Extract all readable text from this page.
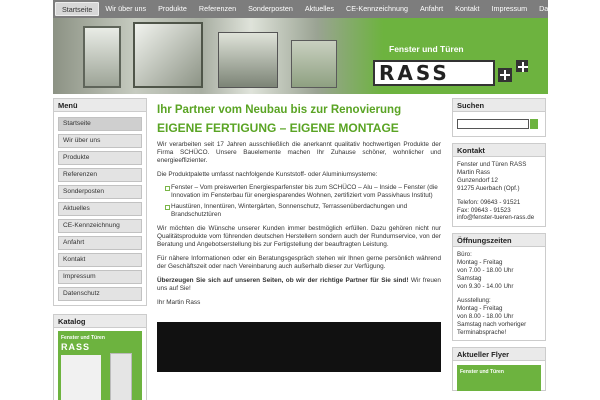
Startseite	Wir über uns	Produkte	Referenzen	Sonderposten	Aktuelles	CE-Kennzeichnung	Anfahrt	Kontakt	Impressum	Datenschutz
Fenster und Türen
RASS
Menü
Startseite
Wir über uns
Produkte
Referenzen
Sonderposten
Aktuelles
CE-Kennzeichnung
Anfahrt
Kontakt
Impressum
Datenschutz
Katalog
Fenster und Türen
RASS
Ihr Partner vom Neubau bis zur Renovierung
EIGENE FERTIGUNG – EIGENE MONTAGE

Wir verarbeiten seit 17 Jahren ausschließlich die anerkannt qualitativ hochwertigen Produkte der Firma SCHÜCO. Unsere Bauelemente machen Ihr Zuhause schöner, wohnlicher und energieeffizienter.

Die Produktpalette umfasst nachfolgende Kunststoff- oder Aluminiumsysteme:

Fenster – Vom preiswerten Energiesparfenster bis zum SCHÜCO – Alu – Inside – Fenster (die Innovation im Fensterbau für energiesparendes Wohnen, zertifiziert vom Passivhaus Institut)
Haustüren, Innentüren, Wintergärten, Sonnenschutz, Terrassenüberdachungen und Brandschutztüren

Wir möchten die Wünsche unserer Kunden immer bestmöglich erfüllen. Dazu gehören nicht nur Qualitätsprodukte vom führenden deutschen Herstellern sondern auch der Rundumservice, von der Beratung und Angebotserstellung bis zur Fertigstellung der beauftragten Leistung.

Für nähere Informationen oder ein Beratungsgespräch stehen wir Ihnen gerne persönlich während der Geschäftszeit oder nach Vereinbarung auch außerhalb dieser zur Verfügung.

Überzeugen Sie sich auf unseren Seiten, ob wir der richtige Partner für Sie sind! Wir freuen uns auf Sie!

Ihr Martin Rass

Suchen
Kontakt
Fenster und Türen RASS
Martin Rass
Gunzendorf 12
91275 Auerbach (Opf.)
Telefon: 09643 - 91521
Fax: 09643 - 91523
info@fenster-tueren-rass.de
Öffnungszeiten
Büro:
Montag - Freitag
von 7.00 - 18.00 Uhr
Samstag
von 9.30 - 14.00 Uhr
Ausstellung:
Montag - Freitag
von 8.00 - 18.00 Uhr
Samstag nach vorheriger
Terminabsprache!
Aktueller Flyer
Fenster und Türen
